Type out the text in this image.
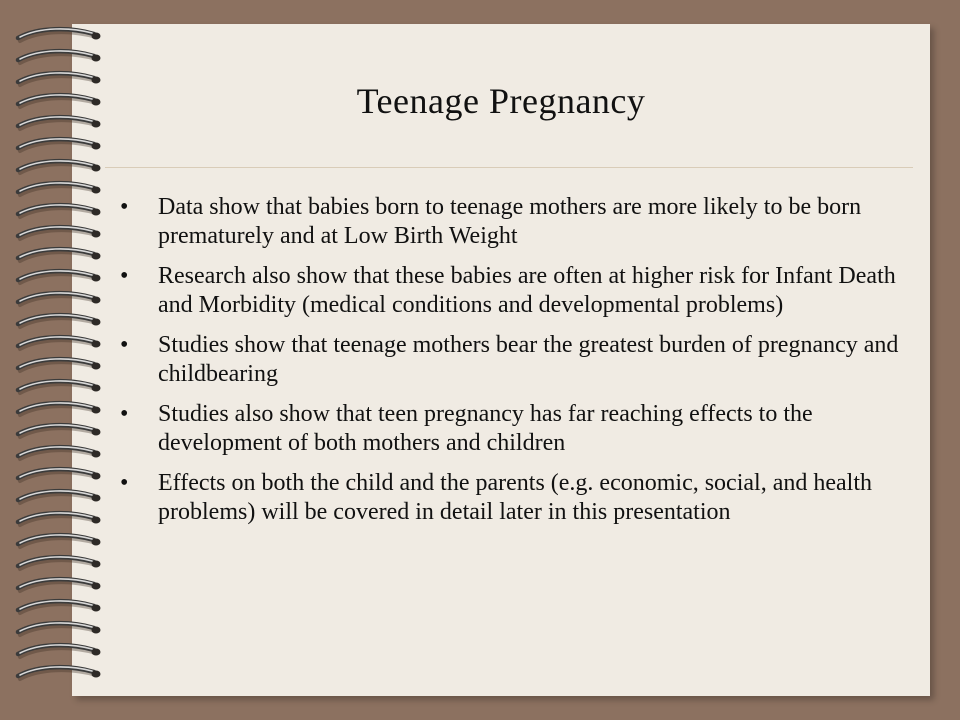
Teenage Pregnancy
• Data show that babies born to teenage mothers are more likely to be born prematurely and at Low Birth Weight
• Research also show that these babies are often at higher risk for Infant Death and Morbidity (medical conditions and developmental problems)
• Studies show that teenage mothers bear the greatest burden of pregnancy and childbearing
• Studies also show that teen pregnancy has far reaching effects to the development of both mothers and children
• Effects on both the child and the parents (e.g. economic, social, and health problems) will be covered in detail later in this presentation
